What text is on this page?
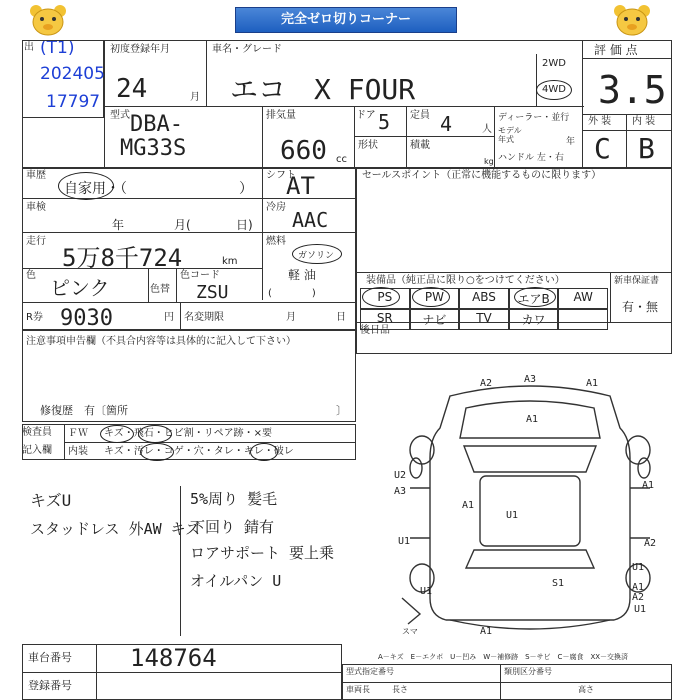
完全ゼロ切りコーナー
出 (T1)
202405
17797
初度登録年月	車名・グレード
24	月 エコ　X FOUR
2WD
4WD
評 価 点
3.5
外 装 内 装
C B
型式 DBA-
MG33S
排気量
660 cc
ドア 5 定員 4	人
形状	積載
kg
ディーラー・並行
モデル年式	年
ハンドル 左・右
車歴
自家用・（　　　　　　　　）
シフト
AT
車検
年	月(	日)
冷房
AAC
走行
5万8千724	km
燃料
ガソリン
軽 油
(　　　　)
色
ピンク	色替
色コード
ZSU
R券 9030	円 名変期限	月	日
セールスポイント（正常に機能するものに限ります）
装備品（純正品に限り○をつけてください）	新車保証書
有・無
PS	PW	ABS	エアB	AW
SR	ナビ	TV	カワ

後日品
注意事項申告欄（不具合内容等は具体的に記入して下さい）
修復歴　有〔箇所	〕
検査員
記入欄
ＦＷ キズ・飛石・ヒビ割・リペア跡・×要
内装 キズ・汚レ・コゲ・穴・タレ・キレ・破レ
キズU
スタッドレス 外AW キズ
5%周り 髪毛
下回り 錆有
ロアサポート 要上乗
オイルパン U
A2	A3	A1
A1
A1
U2
A3
A1
U1
U1	A2
U1
S1
U1	A1
A2
U1
A1
スマ
A－キズ　E－エクボ　U－凹み　W－補修跡　S－サビ　C－腐食　XX－交換済
車台番号 148764
登録番号
型式指定番号	類別区分番号
車両長	長さ	高さ
